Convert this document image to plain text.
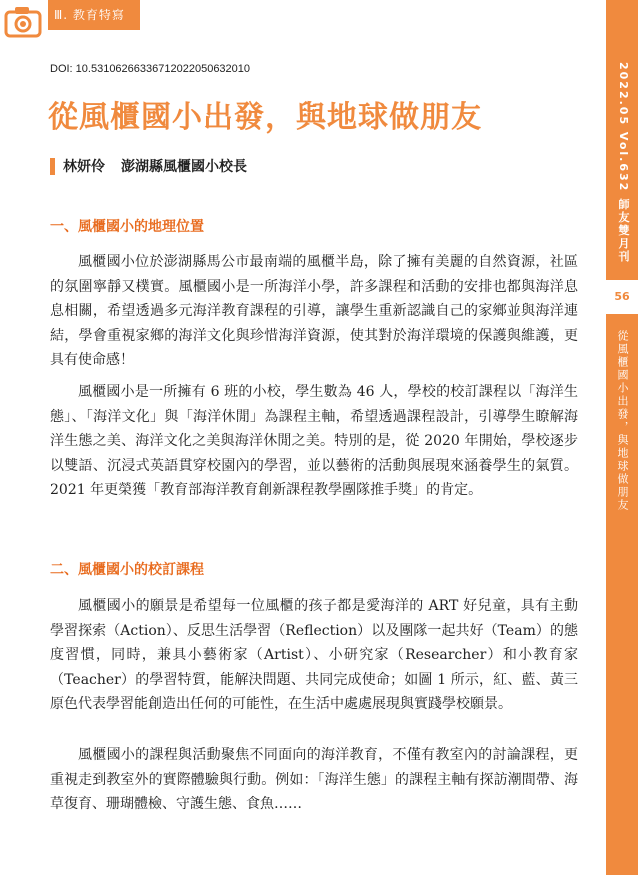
Ⅲ. 教育特寫
2022.05 Vol.632 師友雙月刊
56
從風櫃國小出發，與地球做朋友
DOI: 10.53106266336712022050632010
從風櫃國小出發，與地球做朋友
林妍伶 澎湖縣風櫃國小校長
一、風櫃國小的地理位置

風櫃國小位於澎湖縣馬公市最南端的風櫃半島，除了擁有美麗的自然資源，社區的氛圍寧靜又樸實。風櫃國小是一所海洋小學，許多課程和活動的安排也都與海洋息息相關，希望透過多元海洋教育課程的引導，讓學生重新認識自己的家鄉並與海洋連結，學會重視家鄉的海洋文化與珍惜海洋資源，使其對於海洋環境的保護與維護，更具有使命感！

風櫃國小是一所擁有 6 班的小校，學生數為 46 人，學校的校訂課程以「海洋生態」、「海洋文化」與「海洋休閒」為課程主軸，希望透過課程設計，引導學生瞭解海洋生態之美、海洋文化之美與海洋休閒之美。特別的是，從 2020 年開始，學校逐步以雙語、沉浸式英語貫穿校園內的學習，並以藝術的活動與展現來涵養學生的氣質。2021 年更榮獲「教育部海洋教育創新課程教學團隊推手獎」的肯定。

二、風櫃國小的校訂課程

風櫃國小的願景是希望每一位風櫃的孩子都是愛海洋的 ART 好兒童，具有主動學習探索（Action）、反思生活學習（Reflection）以及團隊一起共好（Team）的態度習慣，同時，兼具小藝術家（Artist）、小研究家（Researcher）和小教育家（Teacher）的學習特質，能解決問題、共同完成使命；如圖 1 所示，紅、藍、黃三原色代表學習能創造出任何的可能性，在生活中處處展現與實踐學校願景。

風櫃國小的課程與活動聚焦不同面向的海洋教育，不僅有教室內的討論課程，更重視走到教室外的實際體驗與行動。例如：「海洋生態」的課程主軸有探訪潮間帶、海草復育、珊瑚體檢、守護生態、食魚……
